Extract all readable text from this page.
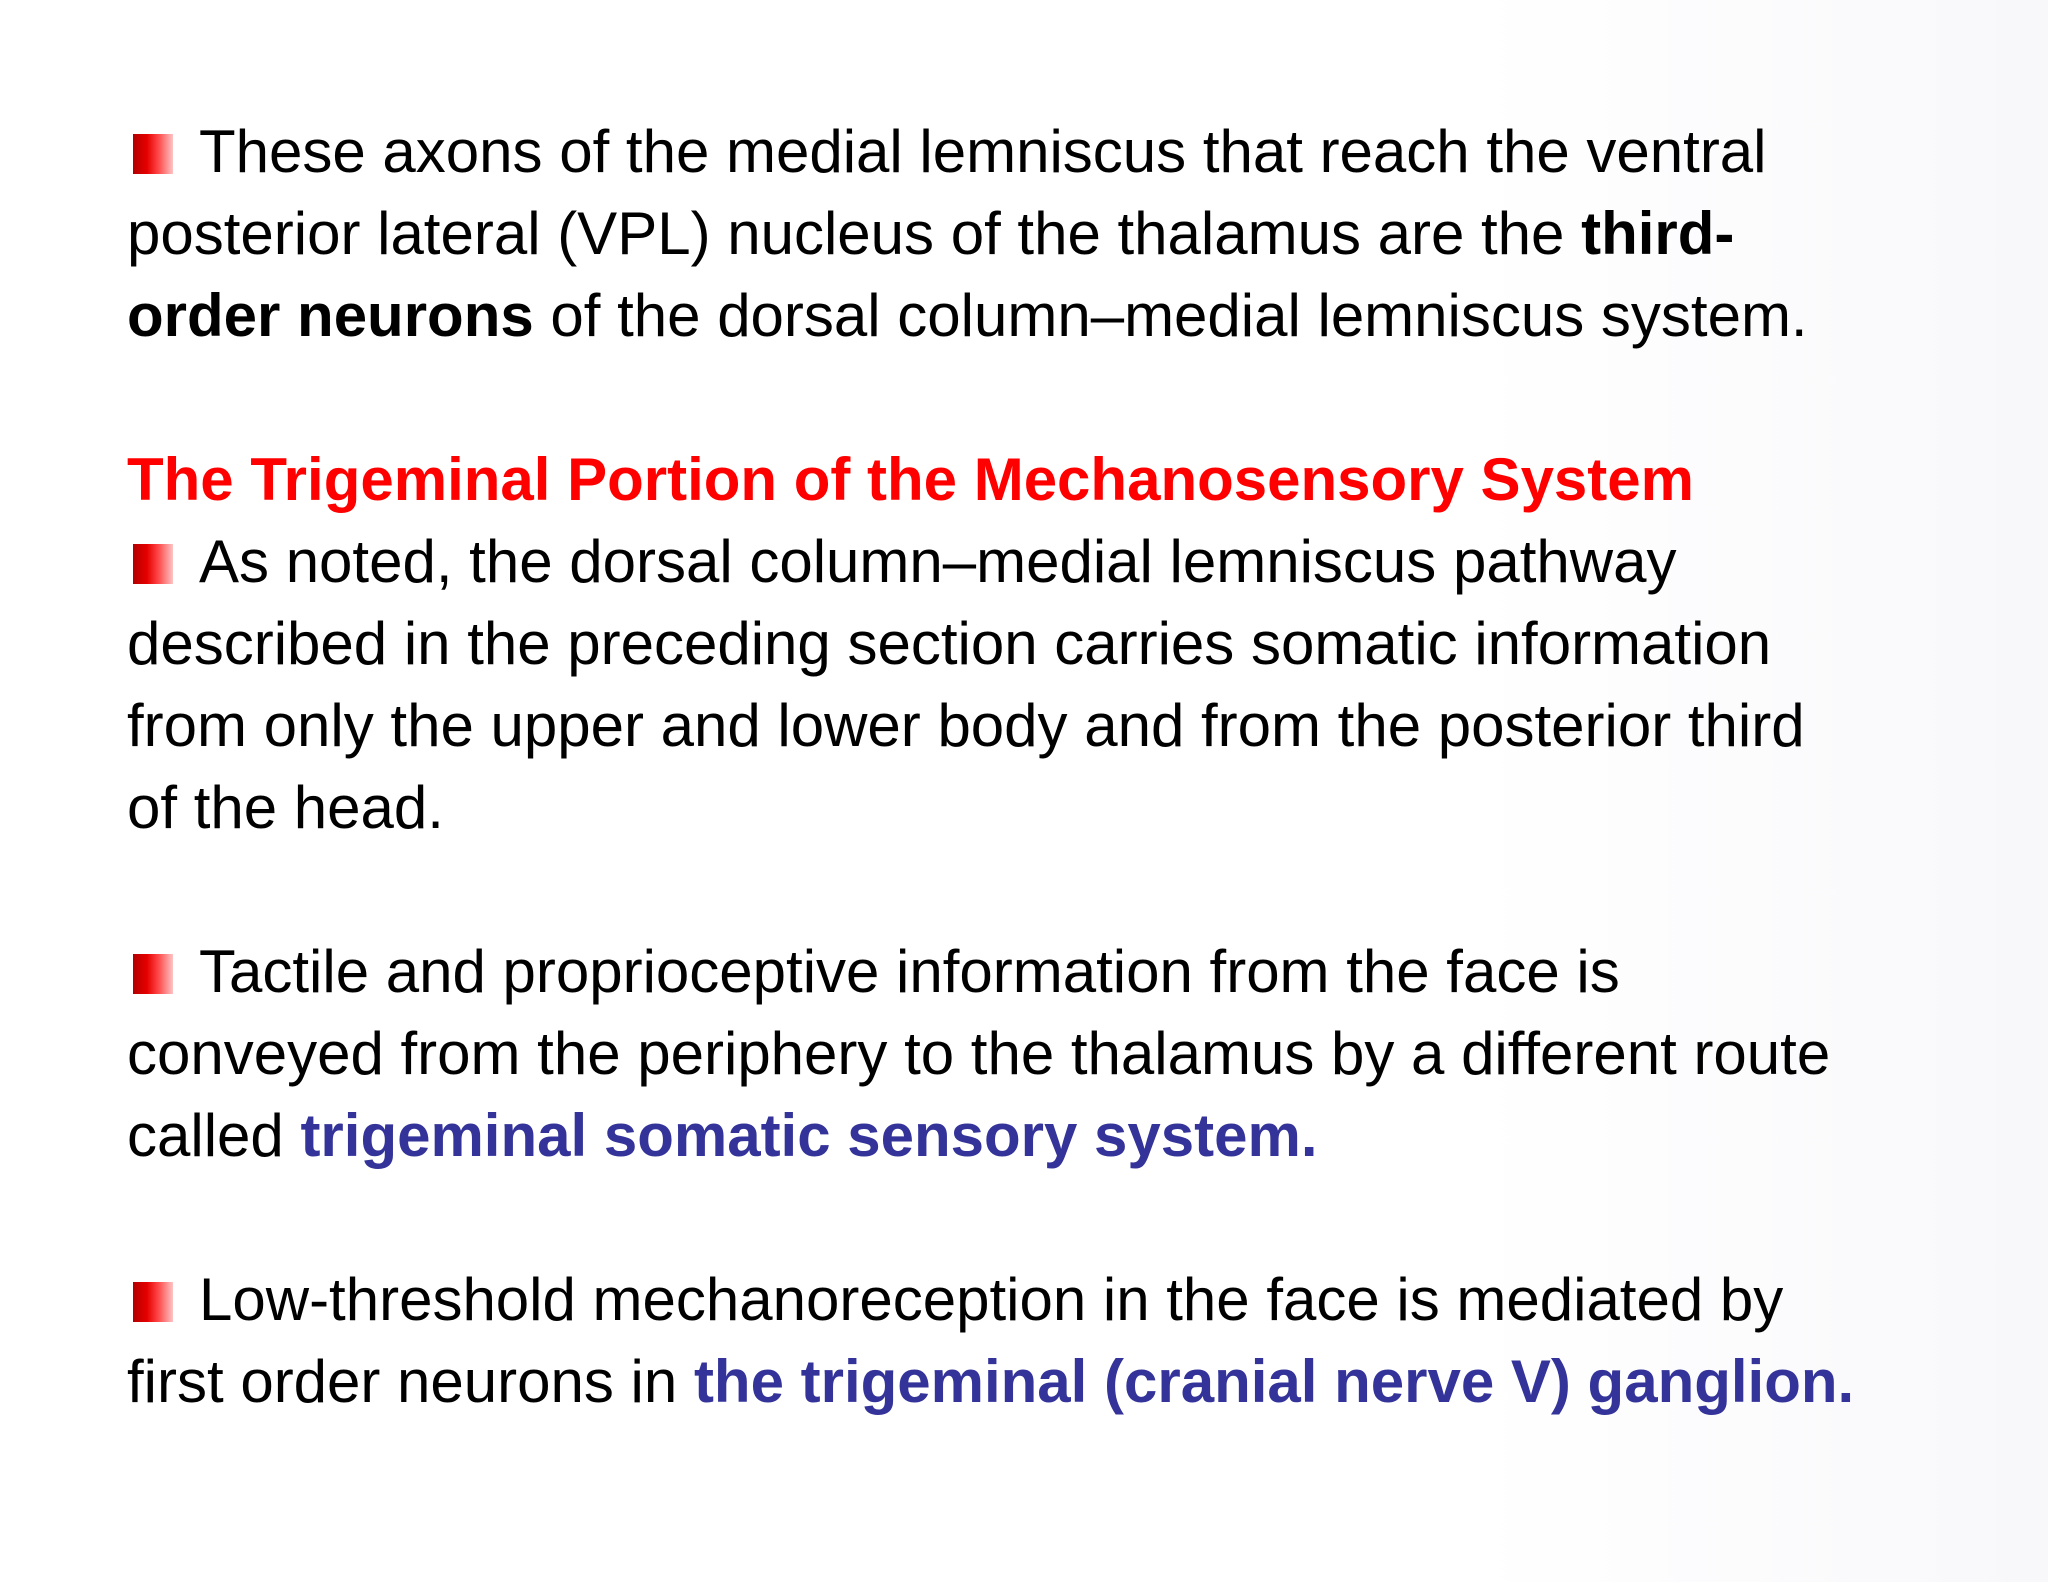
These axons of the medial lemniscus that reach the ventral
posterior lateral (VPL) nucleus of the thalamus are the third-
order neurons of the dorsal column–medial lemniscus system.

The Trigeminal Portion of the Mechanosensory System

As noted, the dorsal column–medial lemniscus pathway
described in the preceding section carries somatic information
from only the upper and lower body and from the posterior third
of the head.

Tactile and proprioceptive information from the face is
conveyed from the periphery to the thalamus by a different route
called trigeminal somatic sensory system.

Low-threshold mechanoreception in the face is mediated by
first order neurons in the trigeminal (cranial nerve V) ganglion.
